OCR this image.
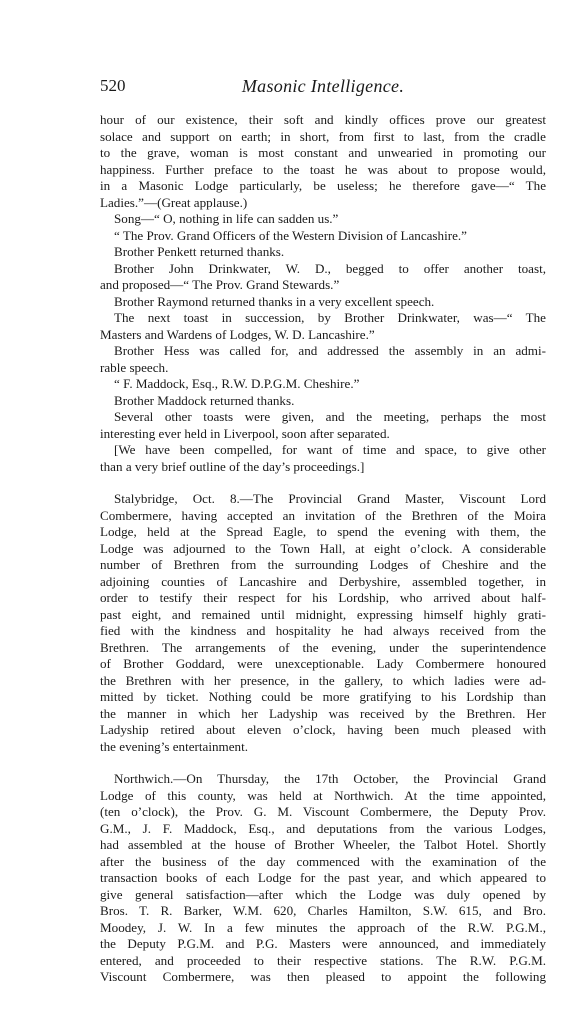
520	Masonic Intelligence.
hour of our existence, their soft and kindly offices prove our greatest
solace and support on earth; in short, from first to last, from the cradle
to the grave, woman is most constant and unwearied in promoting our
happiness. Further preface to the toast he was about to propose would,
in a Masonic Lodge particularly, be useless; he therefore gave—“ The
Ladies.”—(Great applause.)
Song—“ O, nothing in life can sadden us.”
“ The Prov. Grand Officers of the Western Division of Lancashire.”
Brother Penkett returned thanks.
Brother John Drinkwater, W. D., begged to offer another toast,
and proposed—“ The Prov. Grand Stewards.”
Brother Raymond returned thanks in a very excellent speech.
The next toast in succession, by Brother Drinkwater, was—“ The
Masters and Wardens of Lodges, W. D. Lancashire.”
Brother Hess was called for, and addressed the assembly in an admi-
rable speech.
“ F. Maddock, Esq., R.W. D.P.G.M. Cheshire.”
Brother Maddock returned thanks.
Several other toasts were given, and the meeting, perhaps the most
interesting ever held in Liverpool, soon after separated.
[We have been compelled, for want of time and space, to give other
than a very brief outline of the day’s proceedings.]
Stalybridge, Oct. 8.—The Provincial Grand Master, Viscount Lord
Combermere, having accepted an invitation of the Brethren of the Moira
Lodge, held at the Spread Eagle, to spend the evening with them, the
Lodge was adjourned to the Town Hall, at eight o’clock. A considerable
number of Brethren from the surrounding Lodges of Cheshire and the
adjoining counties of Lancashire and Derbyshire, assembled together, in
order to testify their respect for his Lordship, who arrived about half-
past eight, and remained until midnight, expressing himself highly grati-
fied with the kindness and hospitality he had always received from the
Brethren. The arrangements of the evening, under the superintendence
of Brother Goddard, were unexceptionable. Lady Combermere honoured
the Brethren with her presence, in the gallery, to which ladies were ad-
mitted by ticket. Nothing could be more gratifying to his Lordship than
the manner in which her Ladyship was received by the Brethren. Her
Ladyship retired about eleven o’clock, having been much pleased with
the evening’s entertainment.
Northwich.—On Thursday, the 17th October, the Provincial Grand
Lodge of this county, was held at Northwich. At the time appointed,
(ten o’clock), the Prov. G. M. Viscount Combermere, the Deputy Prov.
G.M., J. F. Maddock, Esq., and deputations from the various Lodges,
had assembled at the house of Brother Wheeler, the Talbot Hotel. Shortly
after the business of the day commenced with the examination of the
transaction books of each Lodge for the past year, and which appeared to
give general satisfaction—after which the Lodge was duly opened by
Bros. T. R. Barker, W.M. 620, Charles Hamilton, S.W. 615, and Bro.
Moodey, J. W. In a few minutes the approach of the R.W. P.G.M.,
the Deputy P.G.M. and P.G. Masters were announced, and immediately
entered, and proceeded to their respective stations. The R.W. P.G.M.
Viscount Combermere, was then pleased to appoint the following
